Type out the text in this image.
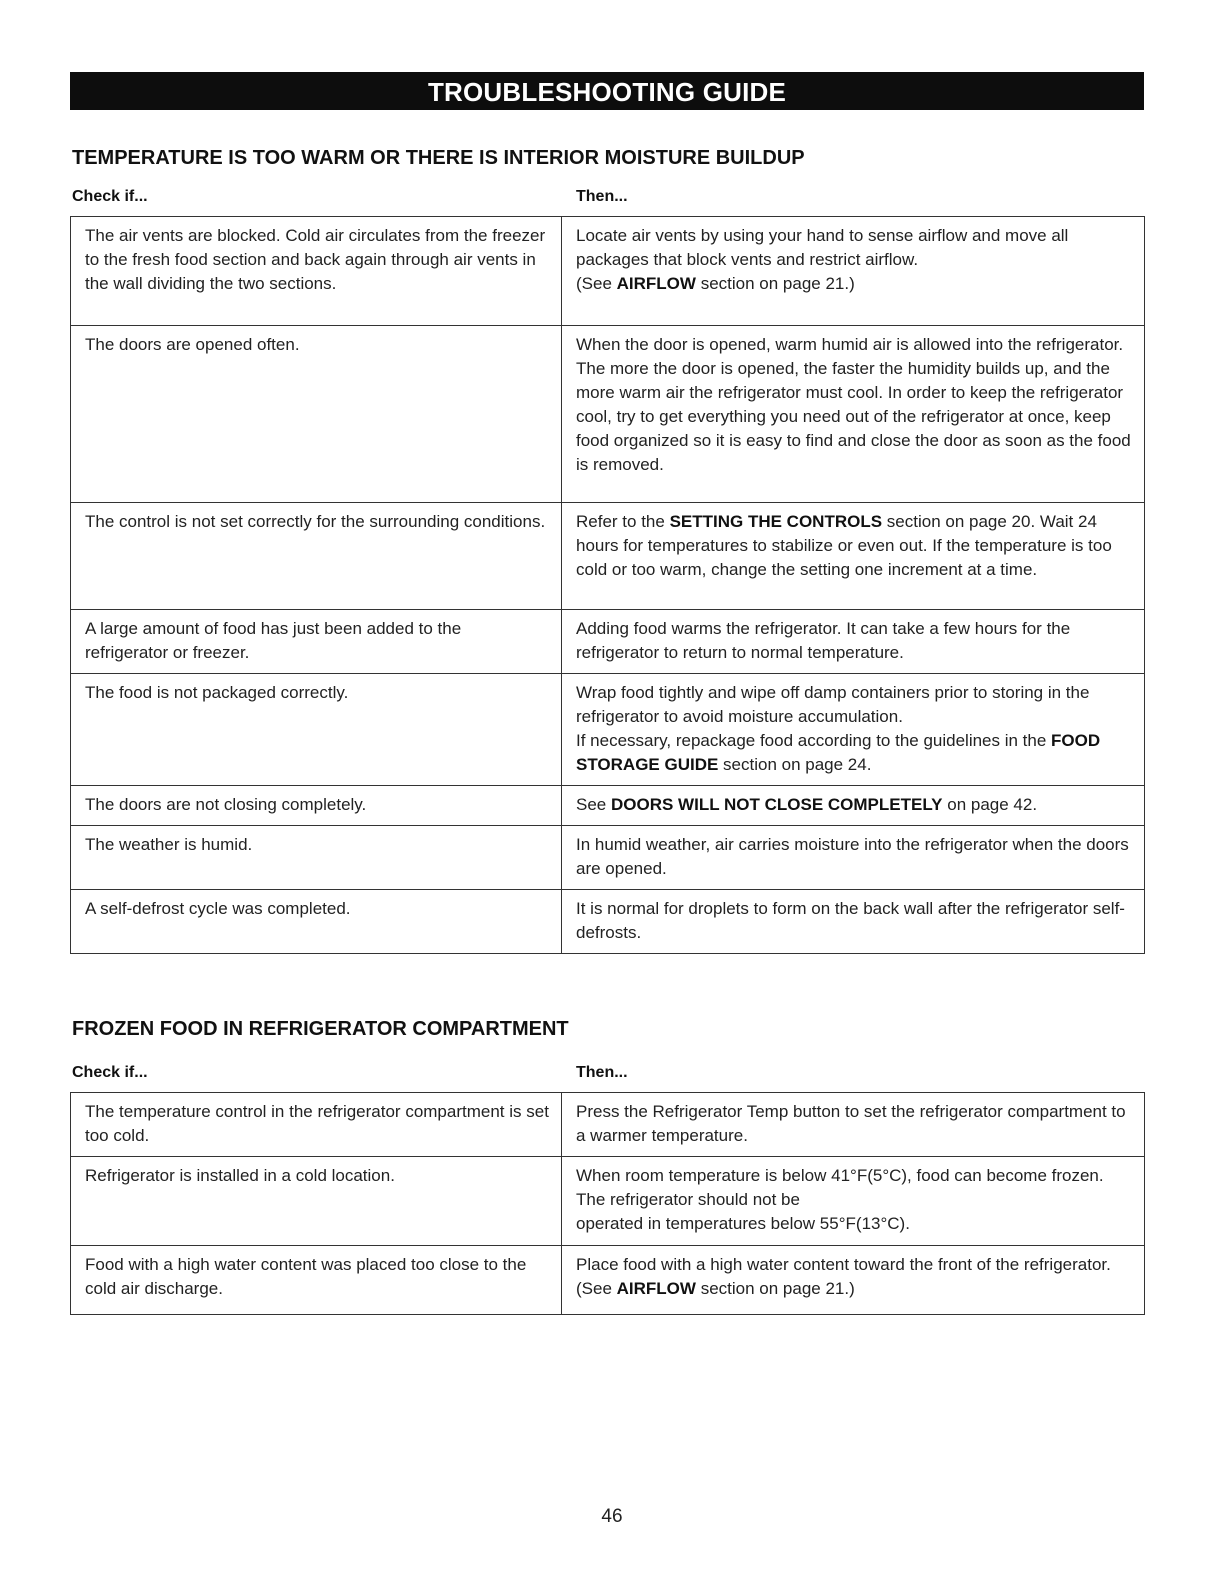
TROUBLESHOOTING GUIDE
TEMPERATURE IS TOO WARM OR THERE IS INTERIOR MOISTURE BUILDUP
Check if...	Then...
The air vents are blocked. Cold air circulates from the freezer to the fresh food section and back again through air vents in the wall dividing the two sections.	Locate air vents by using your hand to sense airflow and move all packages that block vents and restrict airflow.
(See AIRFLOW section on page 21.)
The doors are opened often.	When the door is opened, warm humid air is allowed into the refrigerator. The more the door is opened, the faster the humidity builds up, and the more warm air the refrigerator must cool. In order to keep the refrigerator cool, try to get everything you need out of the refrigerator at once, keep food organized so it is easy to find and close the door as soon as the food is removed.
The control is not set correctly for the surrounding conditions.	Refer to the SETTING THE CONTROLS section on page 20. Wait 24 hours for temperatures to stabilize or even out. If the temperature is too cold or too warm, change the setting one increment at a time.
A large amount of food has just been added to the refrigerator or freezer.	Adding food warms the refrigerator. It can take a few hours for the refrigerator to return to normal temperature.
The food is not packaged correctly.	Wrap food tightly and wipe off damp containers prior to storing in the refrigerator to avoid moisture accumulation.
If necessary, repackage food according to the guidelines in the FOOD STORAGE GUIDE section on page 24.
The doors are not closing completely.	See DOORS WILL NOT CLOSE COMPLETELY on page 42.
The weather is humid.	In humid weather, air carries moisture into the refrigerator when the doors are opened.
A self-defrost cycle was completed.	It is normal for droplets to form on the back wall after the refrigerator self-defrosts.
FROZEN FOOD IN REFRIGERATOR COMPARTMENT
Check if...	Then...
The temperature control in the refrigerator compartment is set too cold.	Press the Refrigerator Temp button to set the refrigerator compartment to a warmer temperature.
Refrigerator is installed in a cold location.	When room temperature is below 41°F(5°C), food can become frozen. The refrigerator should not be
operated in temperatures below 55°F(13°C).
Food with a high water content was placed too close to the cold air discharge.	Place food with a high water content toward the front of the refrigerator. (See AIRFLOW section on page 21.)
46
